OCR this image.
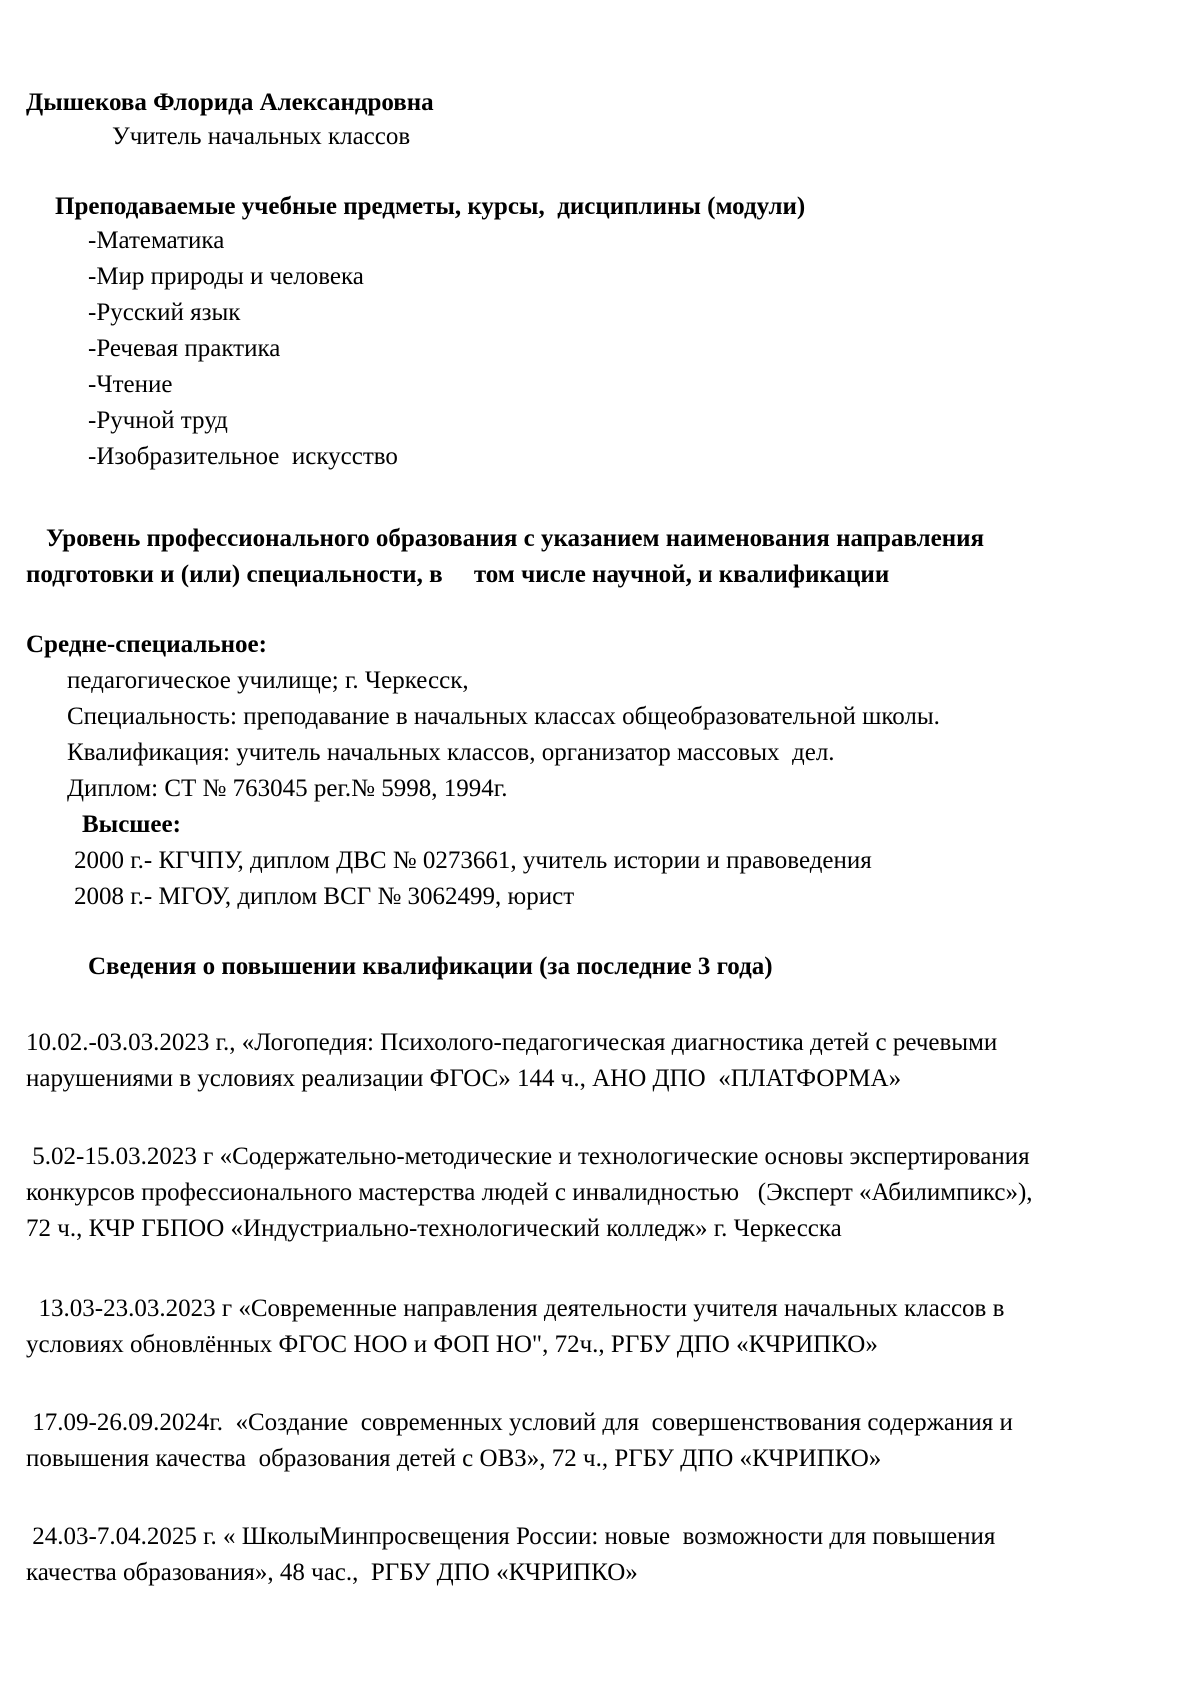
Дышекова Флорида Александровна
Учитель начальных классов
Преподаваемые учебные предметы, курсы,  дисциплины (модули)
-Математика
-Мир природы и человека
-Русский язык
-Речевая практика
-Чтение
-Ручной труд
-Изобразительное  искусство
Уровень профессионального образования с указанием наименования направления
подготовки и (или) специальности, в     том числе научной, и квалификации
Средне-специальное:
педагогическое училище; г. Черкесск,
Специальность: преподавание в начальных классах общеобразовательной школы.
Квалификация: учитель начальных классов, организатор массовых  дел.
Диплом: СТ № 763045 рег.№ 5998, 1994г.
Высшее:
2000 г.- КГЧПУ, диплом ДВС № 0273661, учитель истории и правоведения
2008 г.- МГОУ, диплом ВСГ № 3062499, юрист
Сведения о повышении квалификации (за последние 3 года)
10.02.-03.03.2023 г., «Логопедия: Психолого-педагогическая диагностика детей с речевыми
нарушениями в условиях реализации ФГОС» 144 ч., АНО ДПО  «ПЛАТФОРМА»
5.02-15.03.2023 г «Содержательно-методические и технологические основы экспертирования
конкурсов профессионального мастерства людей с инвалидностью   (Эксперт «Абилимпикс»),
72 ч., КЧР ГБПОО «Индустриально-технологический колледж» г. Черкесска
13.03-23.03.2023 г «Современные направления деятельности учителя начальных классов в
условиях обновлённых ФГОС НОО и ФОП НО", 72ч., РГБУ ДПО «КЧРИПКО»
17.09-26.09.2024г.  «Создание  современных условий для  совершенствования содержания и
повышения качества  образования детей с ОВЗ», 72 ч., РГБУ ДПО «КЧРИПКО»
24.03-7.04.2025 г. « ШколыМинпросвещения России: новые  возможности для повышения
качества образования», 48 час.,  РГБУ ДПО «КЧРИПКО»
